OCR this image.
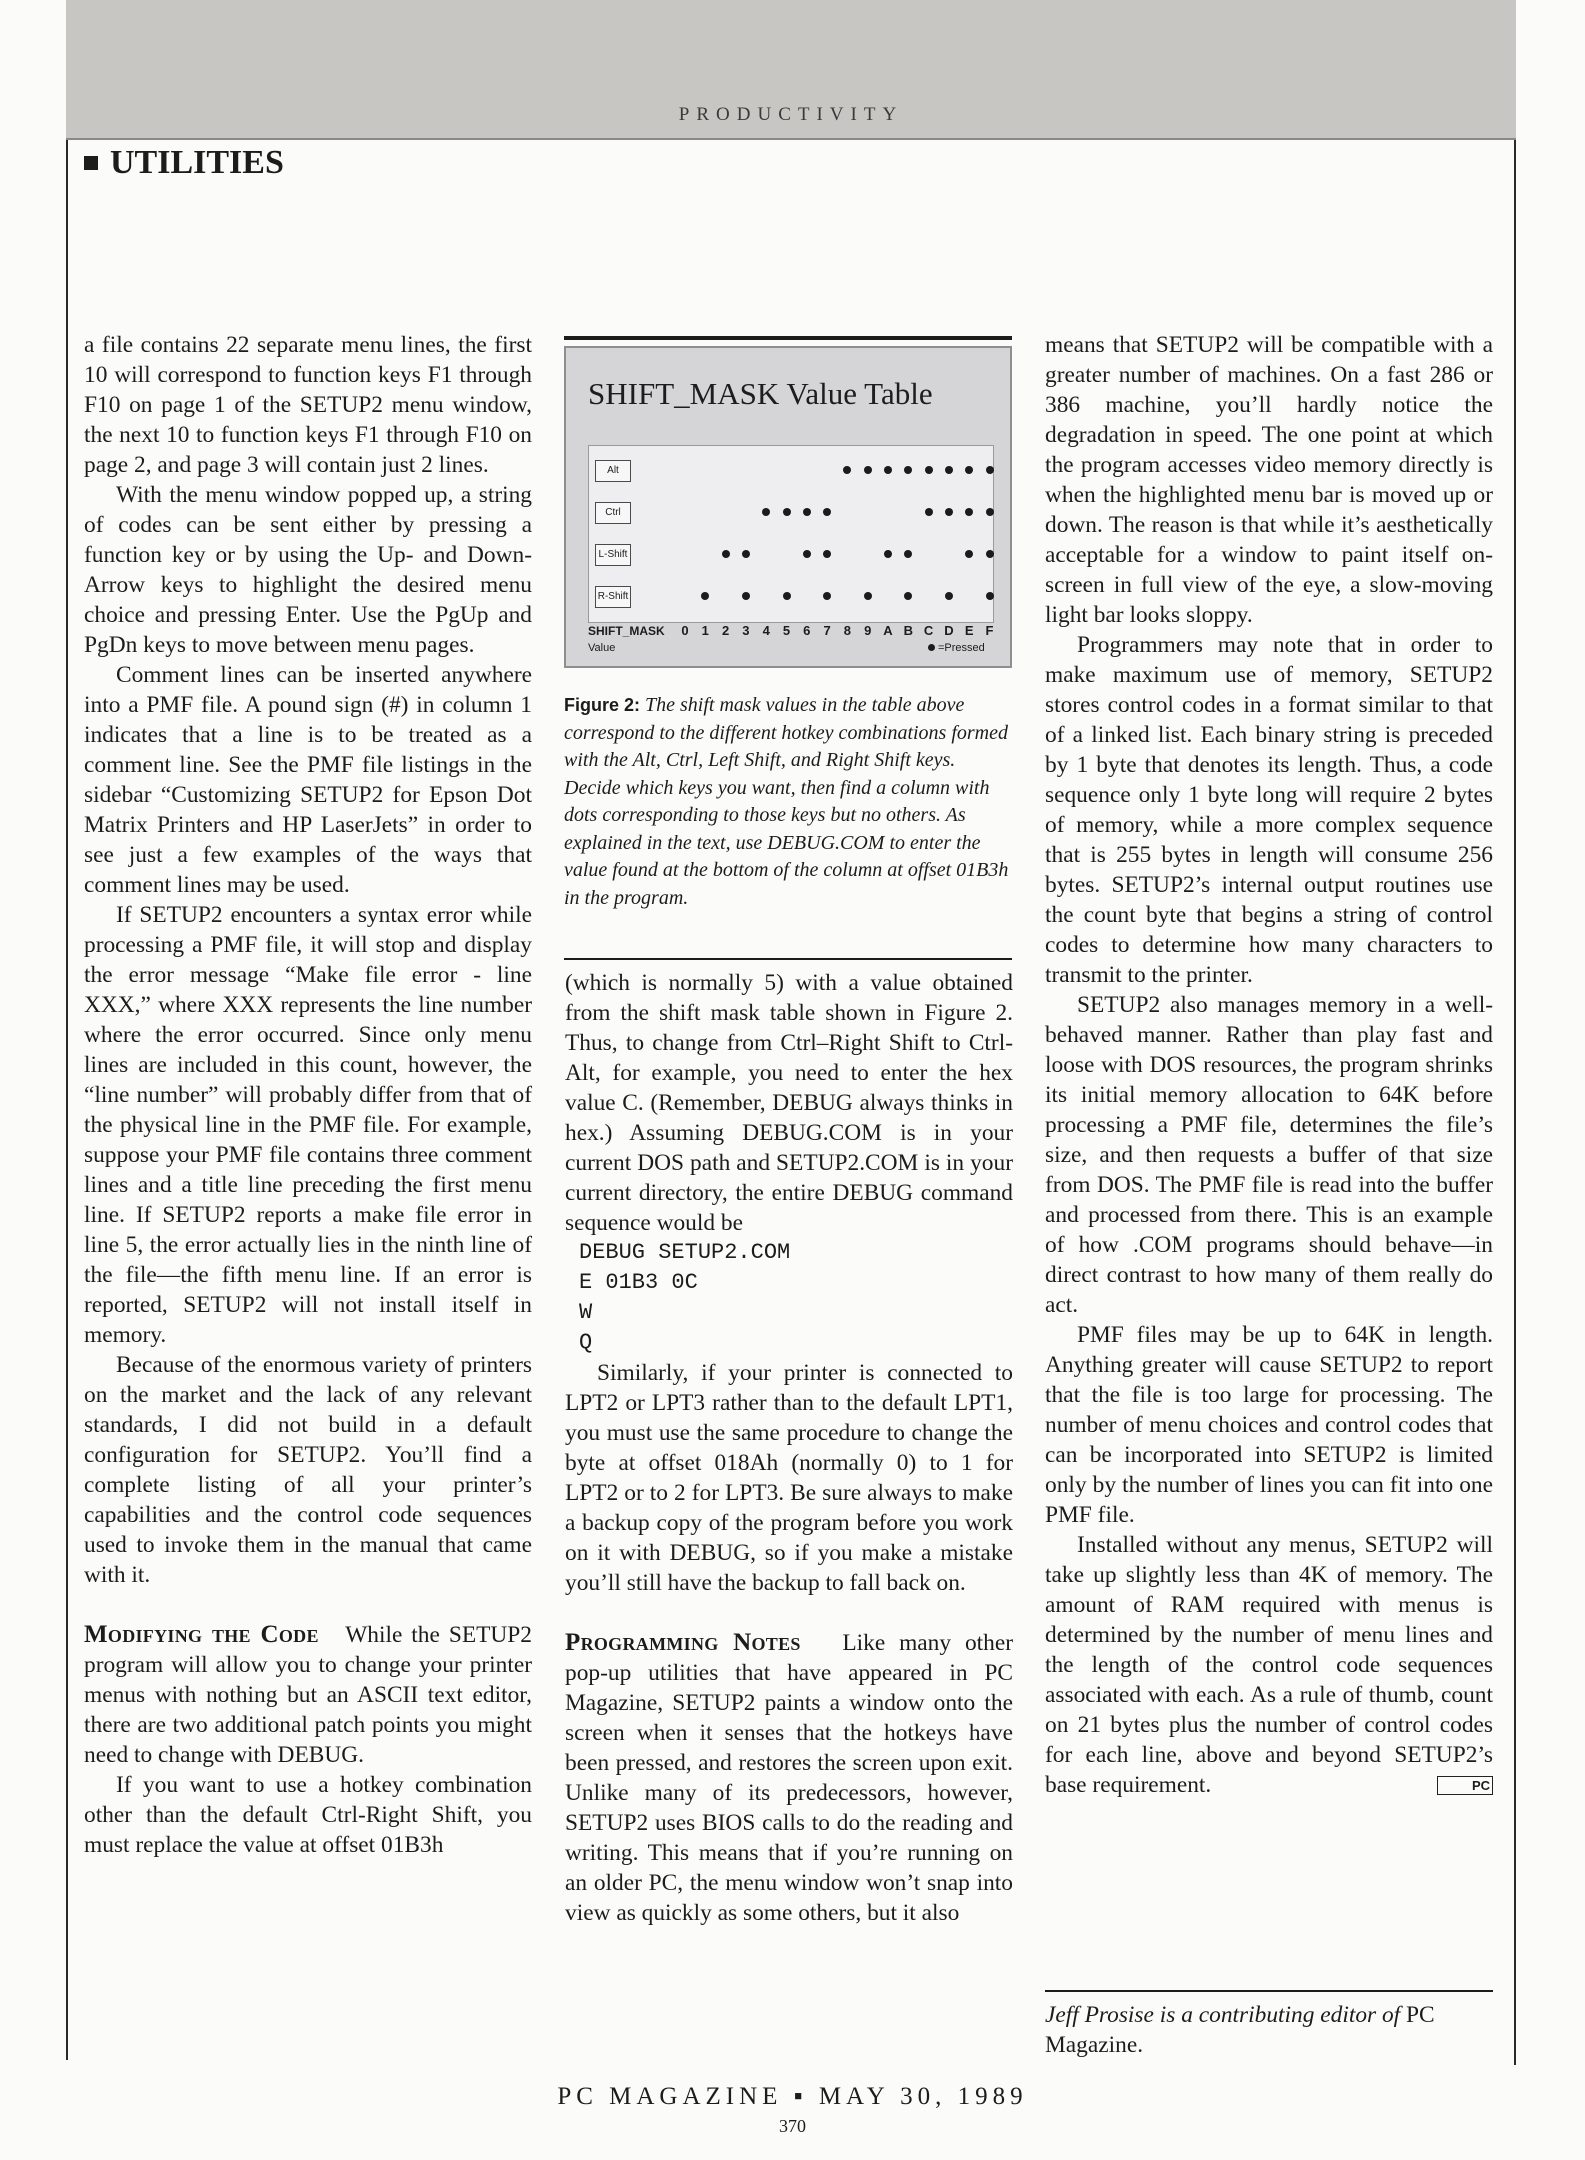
PRODUCTIVITY
UTILITIES

a file contains 22 separate menu lines, the first 10 will correspond to function keys F1 through F10 on page 1 of the SETUP2 menu window, the next 10 to function keys F1 through F10 on page 2, and page 3 will contain just 2 lines.

With the menu window popped up, a string of codes can be sent either by pressing a function key or by using the Up- and Down-Arrow keys to highlight the desired menu choice and pressing Enter. Use the PgUp and PgDn keys to move between menu pages.

Comment lines can be inserted anywhere into a PMF file. A pound sign (#) in column 1 indicates that a line is to be treated as a comment line. See the PMF file listings in the sidebar “Customizing SETUP2 for Epson Dot Matrix Printers and HP LaserJets” in order to see just a few examples of the ways that comment lines may be used.

If SETUP2 encounters a syntax error while processing a PMF file, it will stop and display the error message “Make file error - line XXX,” where XXX represents the line number where the error occurred. Since only menu lines are included in this count, however, the “line number” will probably differ from that of the physical line in the PMF file. For example, suppose your PMF file contains three comment lines and a title line preceding the first menu line. If SETUP2 reports a make file error in line 5, the error actually lies in the ninth line of the file—the fifth menu line. If an error is reported, SETUP2 will not install itself in memory.

Because of the enormous variety of printers on the market and the lack of any relevant standards, I did not build in a default configuration for SETUP2. You’ll find a complete listing of all your printer’s capabilities and the control code sequences used to invoke them in the manual that came with it.

Modifying the Code While the SETUP2 program will allow you to change your printer menus with nothing but an ASCII text editor, there are two additional patch points you might need to change with DEBUG.

If you want to use a hotkey combination other than the default Ctrl-Right Shift, you must replace the value at offset 01B3h

SHIFT_MASK Value Table
Alt
Ctrl
L-Shift
R-Shift
SHIFT_MASK
Value
0 1 2 3 4 5 6 7 8 9 A B C D E F
=Pressed
Figure 2: The shift mask values in the table above correspond to the different hotkey combinations formed with the Alt, Ctrl, Left Shift, and Right Shift keys. Decide which keys you want, then find a column with dots corresponding to those keys but no others. As explained in the text, use DEBUG.COM to enter the value found at the bottom of the column at offset 01B3h in the program.

(which is normally 5) with a value obtained from the shift mask table shown in Figure 2. Thus, to change from Ctrl–Right Shift to Ctrl-Alt, for example, you need to enter the hex value C. (Remember, DEBUG always thinks in hex.) Assuming DEBUG.COM is in your current DOS path and SETUP2.COM is in your current directory, the entire DEBUG command sequence would be

DEBUG SETUP2.COM
E 01B3 0C
W
Q

Similarly, if your printer is connected to LPT2 or LPT3 rather than to the default LPT1, you must use the same procedure to change the byte at offset 018Ah (normally 0) to 1 for LPT2 or to 2 for LPT3. Be sure always to make a backup copy of the program before you work on it with DEBUG, so if you make a mistake you’ll still have the backup to fall back on.

Programming Notes Like many other pop-up utilities that have appeared in PC Magazine, SETUP2 paints a window onto the screen when it senses that the hotkeys have been pressed, and restores the screen upon exit. Unlike many of its predecessors, however, SETUP2 uses BIOS calls to do the reading and writing. This means that if you’re running on an older PC, the menu window won’t snap into view as quickly as some others, but it also

means that SETUP2 will be compatible with a greater number of machines. On a fast 286 or 386 machine, you’ll hardly notice the degradation in speed. The one point at which the program accesses video memory directly is when the highlighted menu bar is moved up or down. The reason is that while it’s aesthetically acceptable for a window to paint itself on-screen in full view of the eye, a slow-moving light bar looks sloppy.

Programmers may note that in order to make maximum use of memory, SETUP2 stores control codes in a format similar to that of a linked list. Each binary string is preceded by 1 byte that denotes its length. Thus, a code sequence only 1 byte long will require 2 bytes of memory, while a more complex sequence that is 255 bytes in length will consume 256 bytes. SETUP2’s internal output routines use the count byte that begins a string of control codes to determine how many characters to transmit to the printer.

SETUP2 also manages memory in a well-behaved manner. Rather than play fast and loose with DOS resources, the program shrinks its initial memory allocation to 64K before processing a PMF file, determines the file’s size, and then requests a buffer of that size from DOS. The PMF file is read into the buffer and processed from there. This is an example of how .COM programs should behave—in direct contrast to how many of them really do act.

PMF files may be up to 64K in length. Anything greater will cause SETUP2 to report that the file is too large for processing. The number of menu choices and control codes that can be incorporated into SETUP2 is limited only by the number of lines you can fit into one PMF file.

Installed without any menus, SETUP2 will take up slightly less than 4K of memory. The amount of RAM required with menus is determined by the number of menu lines and the length of the control code sequences associated with each. As a rule of thumb, count on 21 bytes plus the number of control codes for each line, above and beyond SETUP2’s base requirement.	PC

Jeff Prosise is a contributing editor of PC Magazine.
PC MAGAZINE ▪ MAY 30, 1989
370
